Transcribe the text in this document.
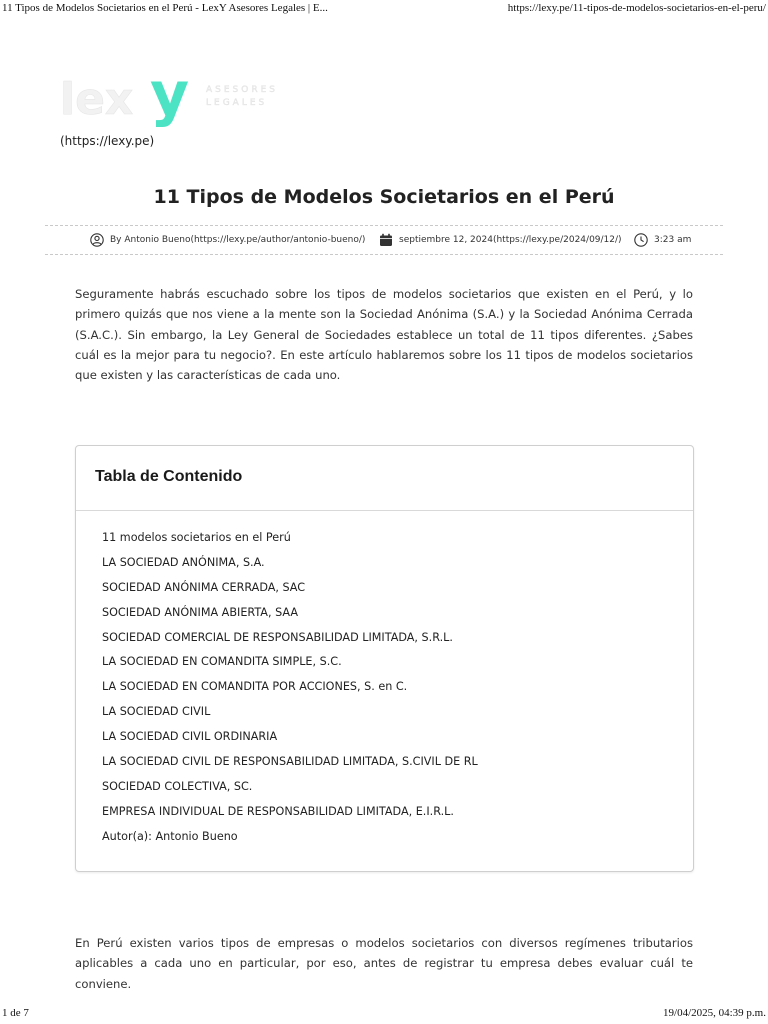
11 Tipos de Modelos Societarios en el Perú - LexY Asesores Legales | E...	https://lexy.pe/11-tipos-de-modelos-societarios-en-el-peru/
lex y ASESORES
LEGALES
(https://lexy.pe)
11 Tipos de Modelos Societarios en el Perú
By Antonio Bueno(https://lexy.pe/author/antonio-bueno/)	septiembre 12, 2024(https://lexy.pe/2024/09/12/)	3:23 am

Seguramente habrás escuchado sobre los tipos de modelos societarios que existen en el Perú, y lo primero quizás que nos viene a la mente son la Sociedad Anónima (S.A.) y la Sociedad Anónima Cerrada (S.A.C.). Sin embargo, la Ley General de Sociedades establece un total de 11 tipos diferentes. ¿Sabes cuál es la mejor para tu negocio?. En este artículo hablaremos sobre los 11 tipos de modelos societarios que existen y las características de cada uno.

Tabla de Contenido
11 modelos societarios en el Perú
LA SOCIEDAD ANÓNIMA, S.A.
SOCIEDAD ANÓNIMA CERRADA, SAC
SOCIEDAD ANÓNIMA ABIERTA, SAA
SOCIEDAD COMERCIAL DE RESPONSABILIDAD LIMITADA, S.R.L.
LA SOCIEDAD EN COMANDITA SIMPLE, S.C.
LA SOCIEDAD EN COMANDITA POR ACCIONES, S. en C.
LA SOCIEDAD CIVIL
LA SOCIEDAD CIVIL ORDINARIA
LA SOCIEDAD CIVIL DE RESPONSABILIDAD LIMITADA, S.CIVIL DE RL
SOCIEDAD COLECTIVA, SC.
EMPRESA INDIVIDUAL DE RESPONSABILIDAD LIMITADA, E.I.R.L.
Autor(a): Antonio Bueno

En Perú existen varios tipos de empresas o modelos societarios con diversos regímenes tributarios aplicables a cada uno en particular, por eso, antes de registrar tu empresa debes evaluar cuál te conviene.

1 de 7	19/04/2025, 04:39 p.m.
